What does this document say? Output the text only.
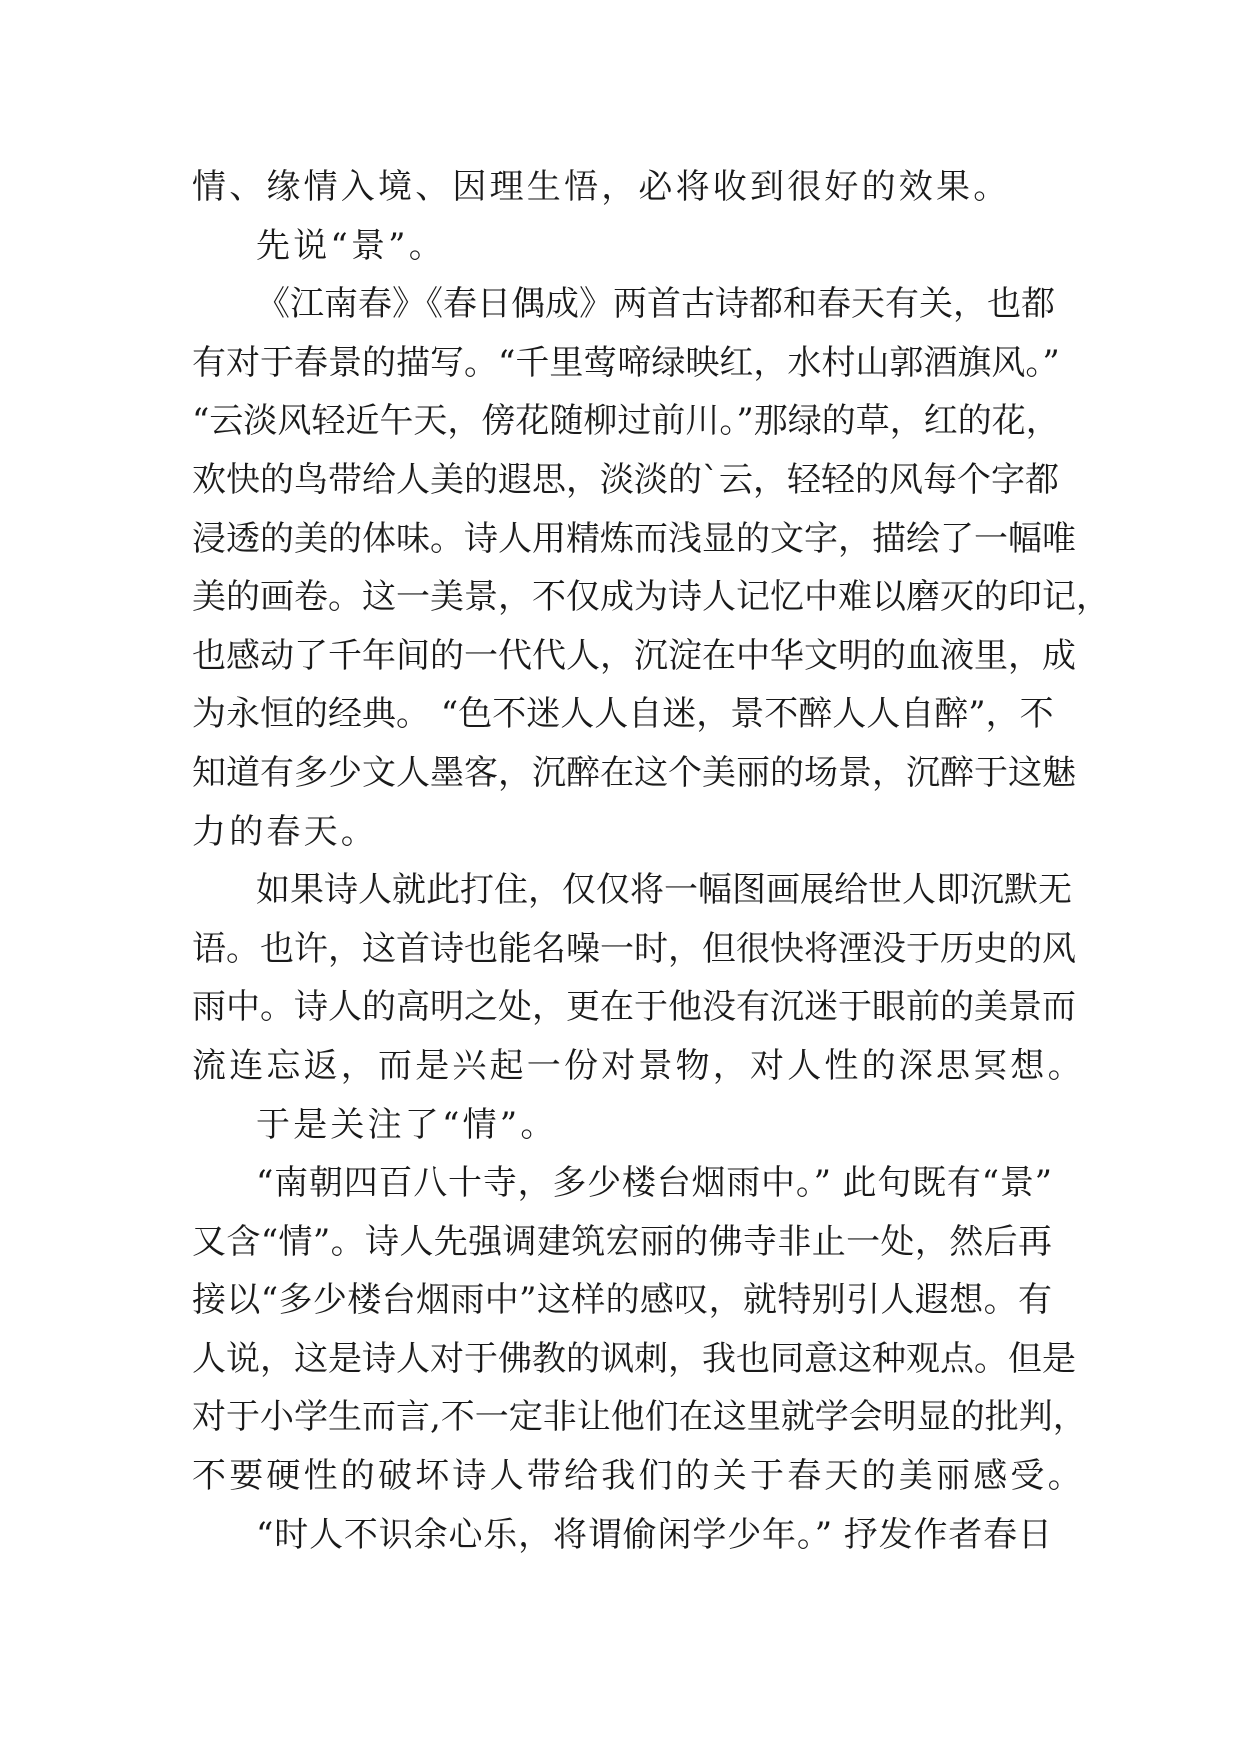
情、缘情入境、因理生悟，必将收到很好的效果。
先说“景”。
《江南春》《春日偶成》两首古诗都和春天有关，也都
有对于春景的描写。“千里莺啼绿映红，水村山郭酒旗风。”
“云淡风轻近午天，傍花随柳过前川。”那绿的草，红的花，
欢快的鸟带给人美的遐思，淡淡的`云，轻轻的风每个字都
浸透的美的体味。诗人用精炼而浅显的文字，描绘了一幅唯
美的画卷。这一美景，不仅成为诗人记忆中难以磨灭的印记，
也感动了千年间的一代代人，沉淀在中华文明的血液里，成
为永恒的经典。 “色不迷人人自迷，景不醉人人自醉”，不
知道有多少文人墨客，沉醉在这个美丽的场景，沉醉于这魅
力的春天。
如果诗人就此打住，仅仅将一幅图画展给世人即沉默无
语。也许，这首诗也能名噪一时，但很快将湮没于历史的风
雨中。诗人的高明之处，更在于他没有沉迷于眼前的美景而
流连忘返，而是兴起一份对景物，对人性的深思冥想。
于是关注了“情”。
“南朝四百八十寺，多少楼台烟雨中。” 此句既有“景”
又含“情”。诗人先强调建筑宏丽的佛寺非止一处，然后再
接以“多少楼台烟雨中”这样的感叹，就特别引人遐想。有
人说，这是诗人对于佛教的讽刺，我也同意这种观点。但是
对于小学生而言,不一定非让他们在这里就学会明显的批判，
不要硬性的破坏诗人带给我们的关于春天的美丽感受。
“时人不识余心乐，将谓偷闲学少年。” 抒发作者春日
